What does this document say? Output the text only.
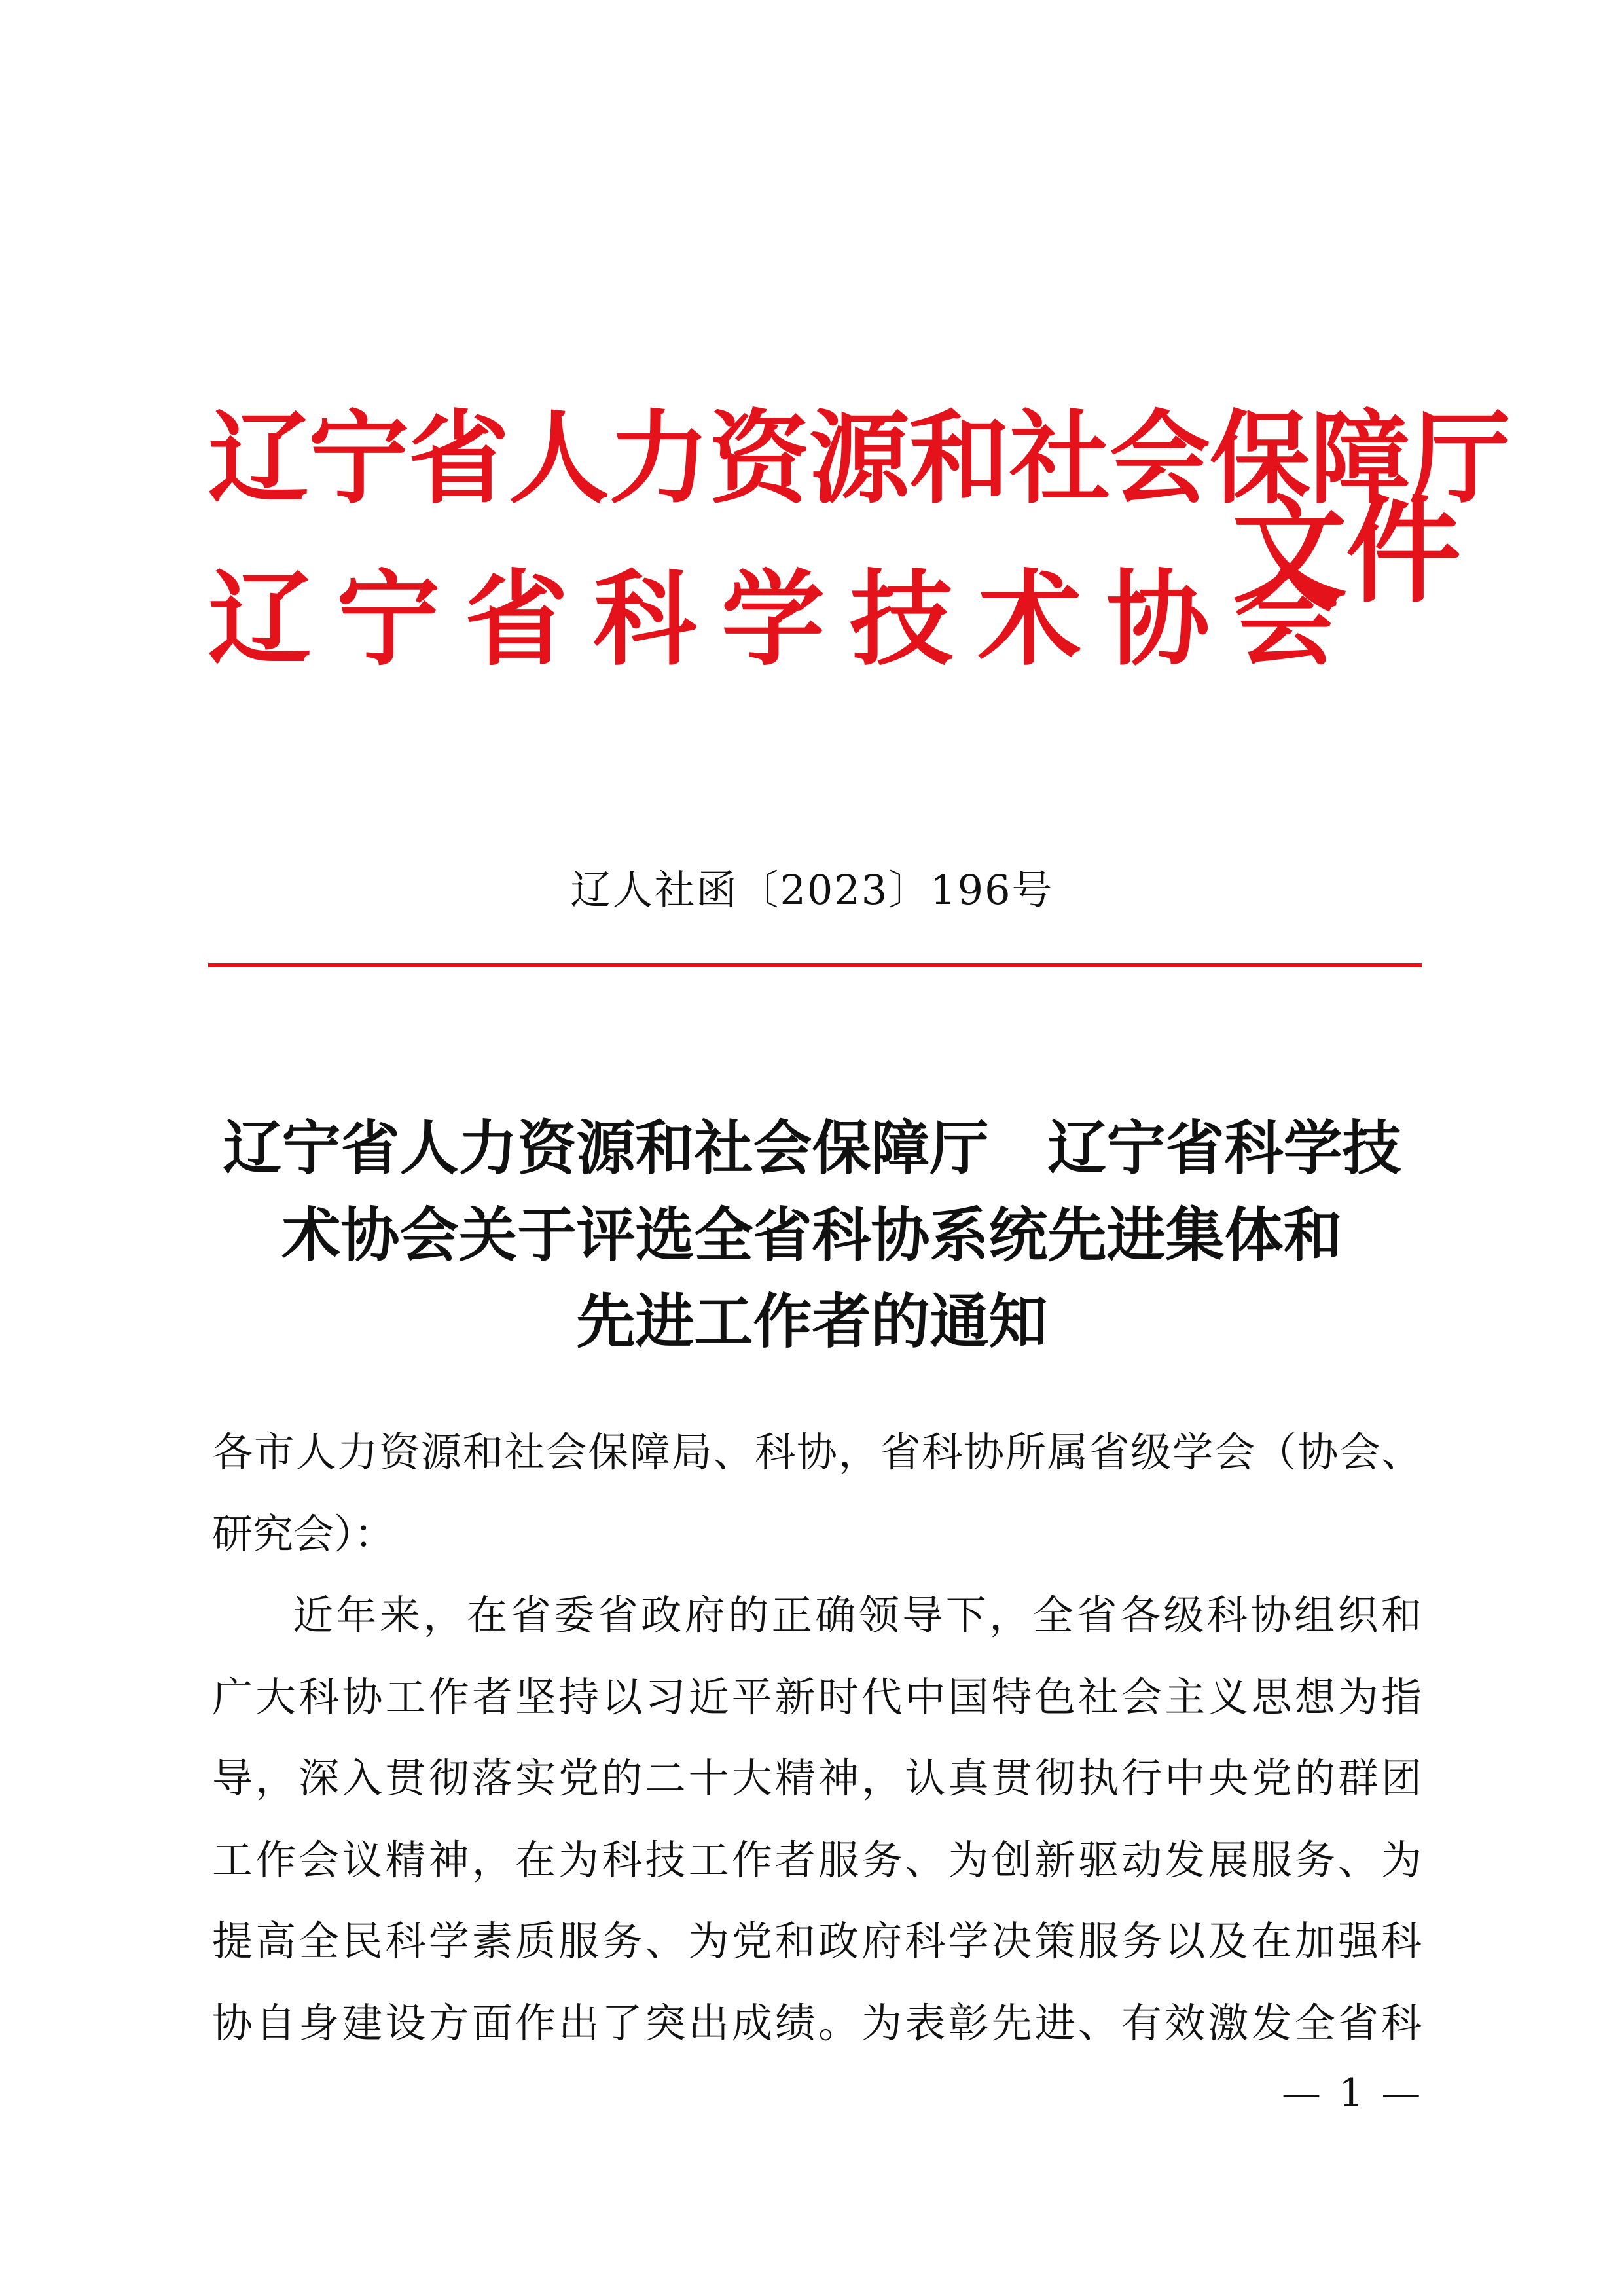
辽宁省人力资源和社会保障厅
辽宁省科学技术协会
文件
辽人社函〔2023〕196号
辽宁省人力资源和社会保障厅　辽宁省科学技
术协会关于评选全省科协系统先进集体和
先进工作者的通知
各市人力资源和社会保障局、科协，省科协所属省级学会（协会、
研究会）：
近年来，在省委省政府的正确领导下，全省各级科协组织和
广大科协工作者坚持以习近平新时代中国特色社会主义思想为指
导，深入贯彻落实党的二十大精神，认真贯彻执行中央党的群团
工作会议精神，在为科技工作者服务、为创新驱动发展服务、为
提高全民科学素质服务、为党和政府科学决策服务以及在加强科
协自身建设方面作出了突出成绩。为表彰先进、有效激发全省科
— 1 —
